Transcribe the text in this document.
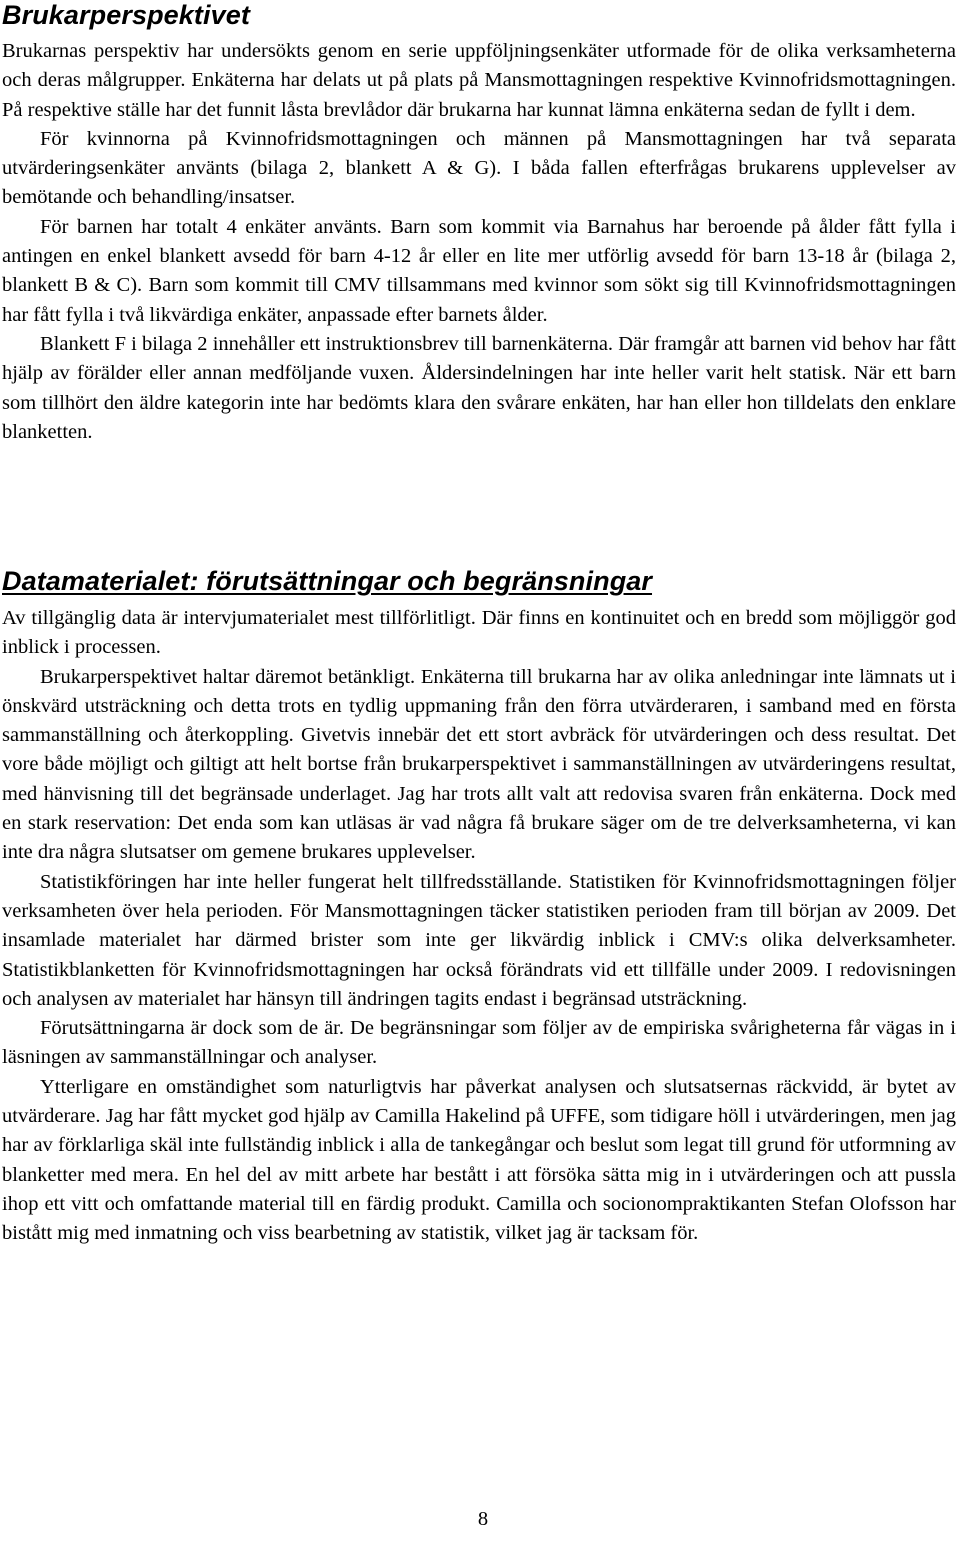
Brukarperspektivet

Brukarnas perspektiv har undersökts genom en serie uppföljningsenkäter utformade för de olika verksamheterna och deras målgrupper. Enkäterna har delats ut på plats på Mansmottagningen respektive Kvinnofridsmottagningen. På respektive ställe har det funnit låsta brevlådor där brukarna har kunnat lämna enkäterna sedan de fyllt i dem.

För kvinnorna på Kvinnofridsmottagningen och männen på Mansmottagningen har två separata utvärderingsenkäter använts (bilaga 2, blankett A & G). I båda fallen efterfrågas brukarens upplevelser av bemötande och behandling/insatser.

För barnen har totalt 4 enkäter använts. Barn som kommit via Barnahus har beroende på ålder fått fylla i antingen en enkel blankett avsedd för barn 4-12 år eller en lite mer utförlig avsedd för barn 13-18 år (bilaga 2, blankett B & C). Barn som kommit till CMV tillsammans med kvinnor som sökt sig till Kvinnofridsmottagningen har fått fylla i två likvärdiga enkäter, anpassade efter barnets ålder.

Blankett F i bilaga 2 innehåller ett instruktionsbrev till barnenkäterna. Där framgår att barnen vid behov har fått hjälp av förälder eller annan medföljande vuxen. Åldersindelningen har inte heller varit helt statisk. När ett barn som tillhört den äldre kategorin inte har bedömts klara den svårare enkäten, har han eller hon tilldelats den enklare blanketten.

Datamaterialet: förutsättningar och begränsningar

Av tillgänglig data är intervjumaterialet mest tillförlitligt. Där finns en kontinuitet och en bredd som möjliggör god inblick i processen.

Brukarperspektivet haltar däremot betänkligt. Enkäterna till brukarna har av olika anledningar inte lämnats ut i önskvärd utsträckning och detta trots en tydlig uppmaning från den förra utvärderaren, i samband med en första sammanställning och återkoppling. Givetvis innebär det ett stort avbräck för utvärderingen och dess resultat. Det vore både möjligt och giltigt att helt bortse från brukarperspektivet i sammanställningen av utvärderingens resultat, med hänvisning till det begränsade underlaget. Jag har trots allt valt att redovisa svaren från enkäterna. Dock med en stark reservation: Det enda som kan utläsas är vad några få brukare säger om de tre delverksamheterna, vi kan inte dra några slutsatser om gemene brukares upplevelser.

Statistikföringen har inte heller fungerat helt tillfredsställande. Statistiken för Kvinnofridsmottagningen följer verksamheten över hela perioden. För Mansmottagningen täcker statistiken perioden fram till början av 2009. Det insamlade materialet har därmed brister som inte ger likvärdig inblick i CMV:s olika delverksamheter. Statistikblanketten för Kvinnofridsmottagningen har också förändrats vid ett tillfälle under 2009. I redovisningen och analysen av materialet har hänsyn till ändringen tagits endast i begränsad utsträckning.

Förutsättningarna är dock som de är. De begränsningar som följer av de empiriska svårigheterna får vägas in i läsningen av sammanställningar och analyser.

Ytterligare en omständighet som naturligtvis har påverkat analysen och slutsatsernas räckvidd, är bytet av utvärderare. Jag har fått mycket god hjälp av Camilla Hakelind på UFFE, som tidigare höll i utvärderingen, men jag har av förklarliga skäl inte fullständig inblick i alla de tankegångar och beslut som legat till grund för utformning av blanketter med mera. En hel del av mitt arbete har bestått i att försöka sätta mig in i utvärderingen och att pussla ihop ett vitt och omfattande material till en färdig produkt. Camilla och socionompraktikanten Stefan Olofsson har bistått mig med inmatning och viss bearbetning av statistik, vilket jag är tacksam för.

8
